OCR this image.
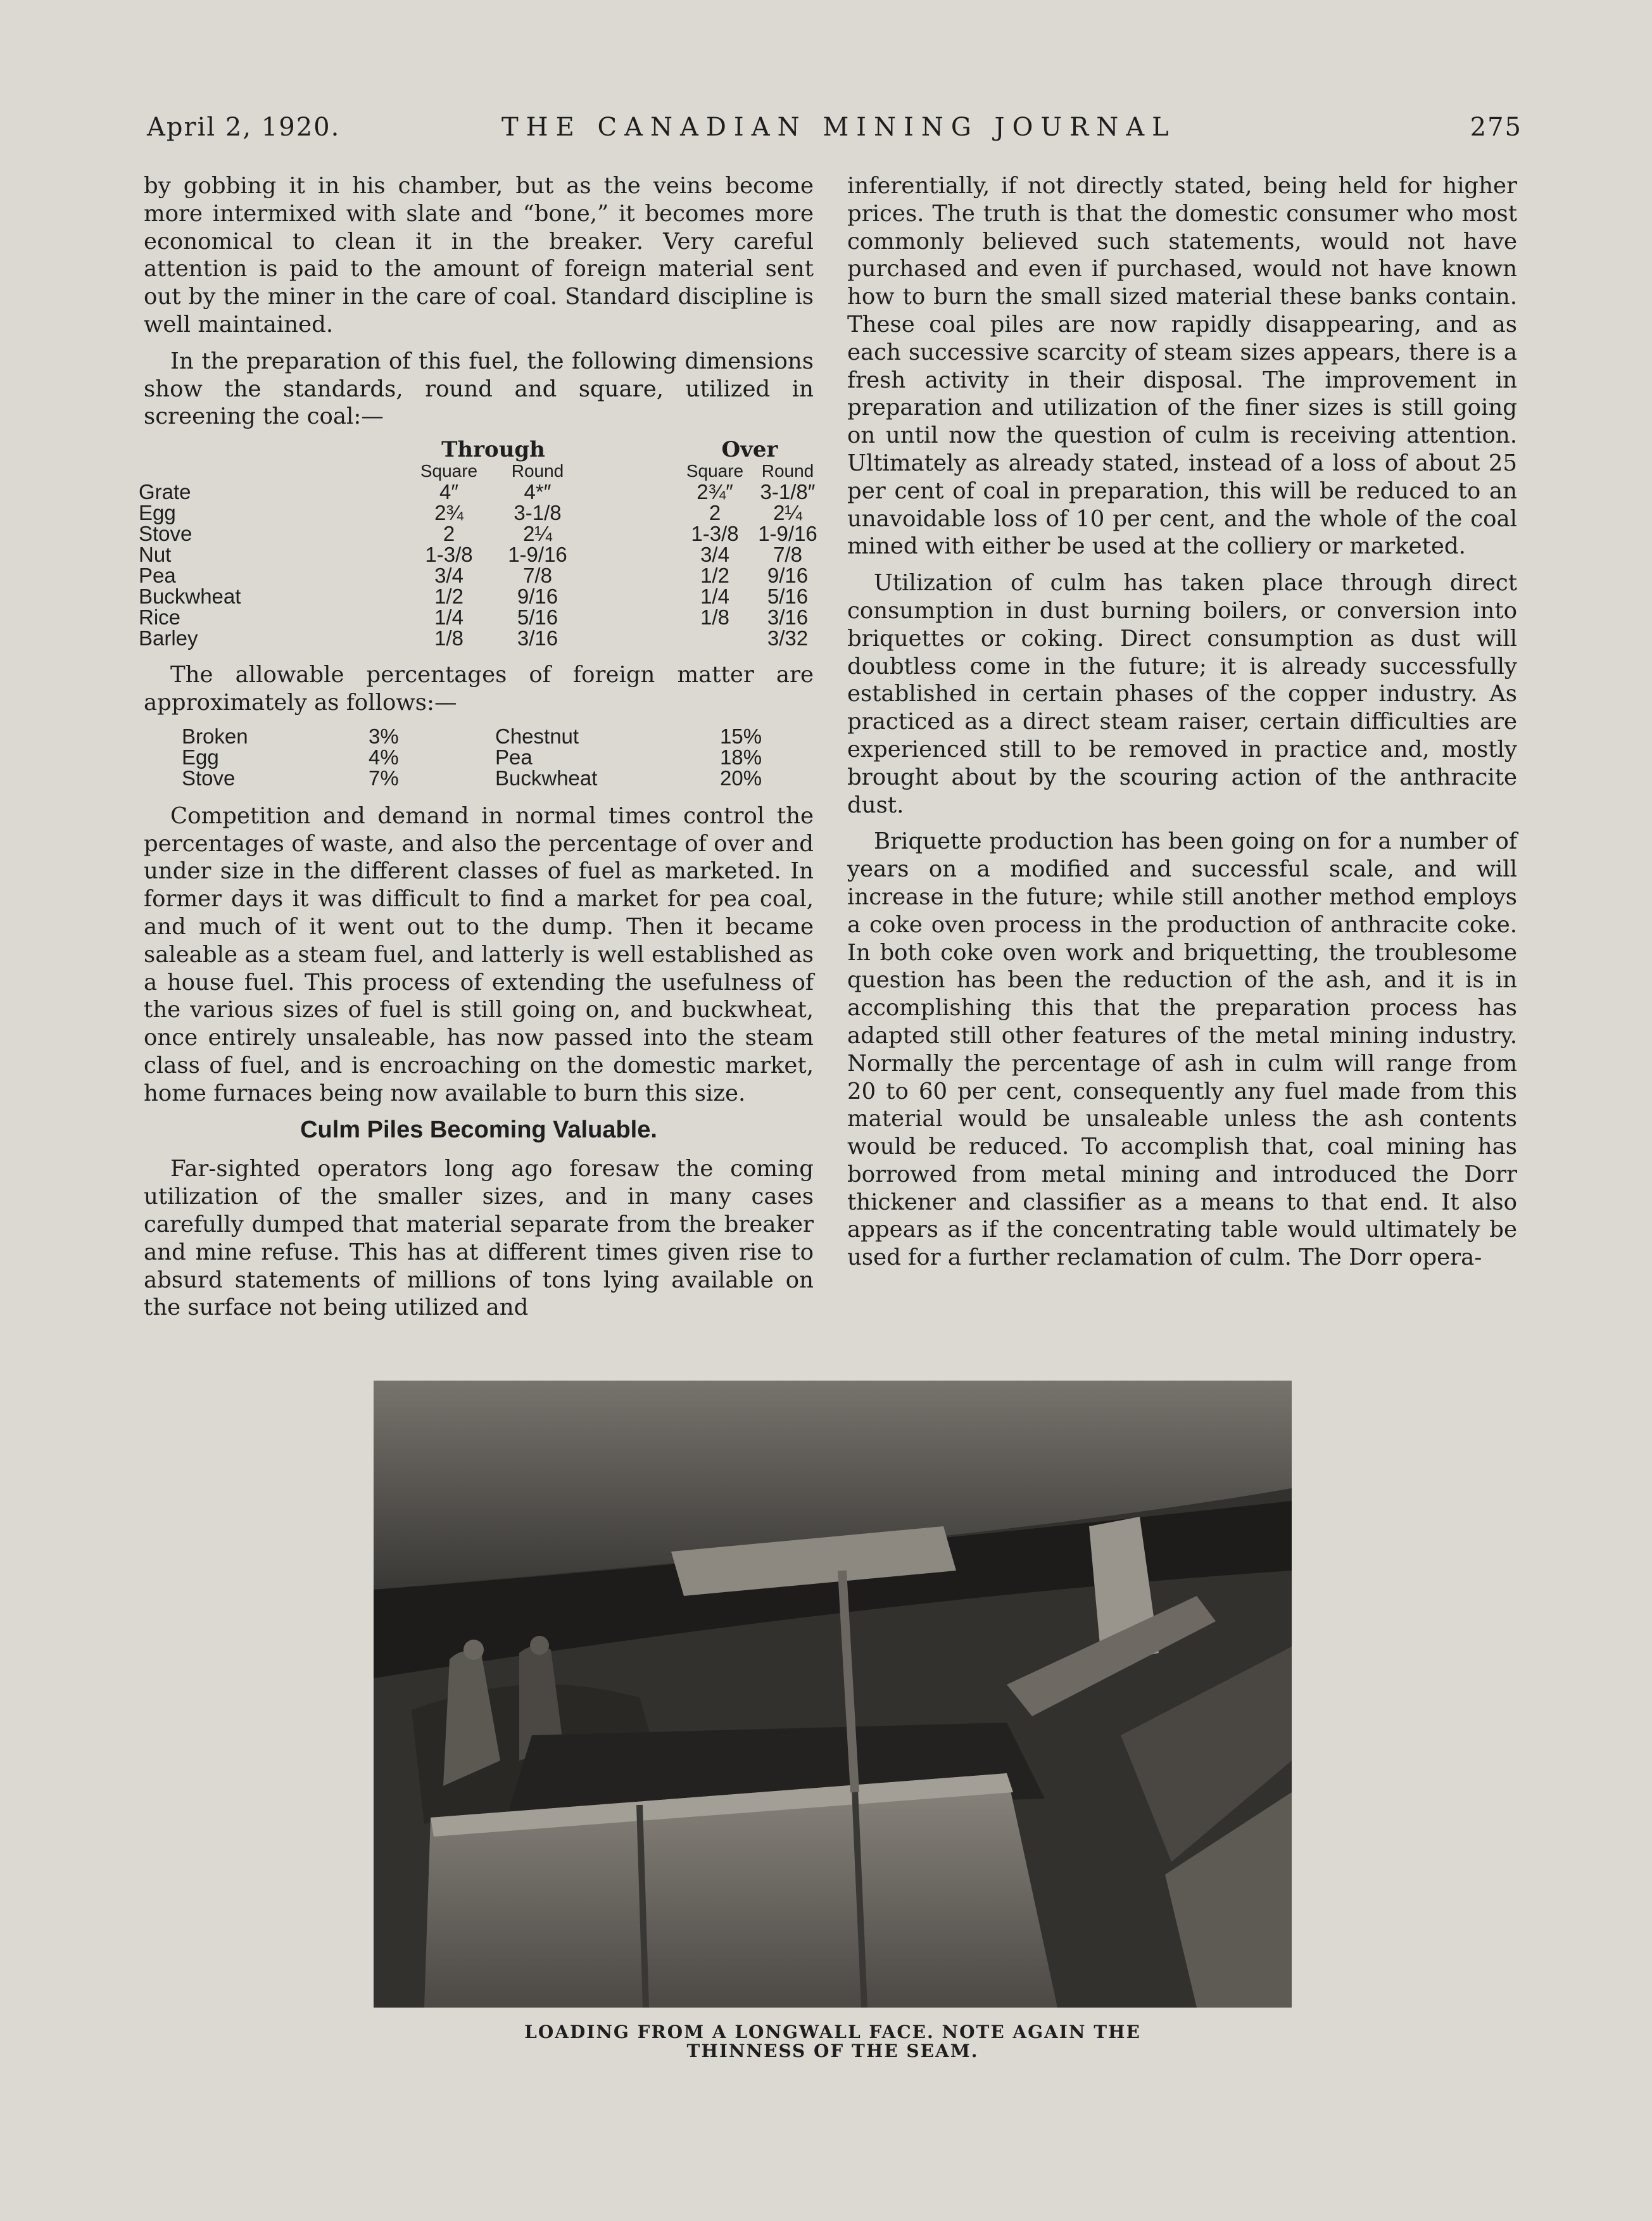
April 2, 1920.	THE CANADIAN MINING JOURNAL	275

by gobbing it in his chamber, but as the veins become more intermixed with slate and “bone,” it becomes more economical to clean it in the breaker. Very careful attention is paid to the amount of foreign material sent out by the miner in the care of coal. Standard discipline is well maintained.

In the preparation of this fuel, the following dimensions show the standards, round and square, utilized in screening the coal:—

	Through			Over	
	Square	Round		Square	Round
Grate	4″	4*″		2¾″	3-1/8″
Egg	2¾	3-1/8		2	2¼
Stove	2	2¼		1-3/8	1-9/16
Nut	1-3/8	1-9/16		3/4	7/8
Pea	3/4	7/8		1/2	9/16
Buckwheat	1/2	9/16		1/4	5/16
Rice	1/4	5/16		1/8	3/16
Barley	1/8	3/16			3/32

The allowable percentages of foreign matter are approximately as follows:—

Broken	3%	Chestnut	15%
Egg	4%	Pea	18%
Stove	7%	Buckwheat	20%

Competition and demand in normal times control the percentages of waste, and also the percentage of over and under size in the different classes of fuel as marketed. In former days it was difficult to find a market for pea coal, and much of it went out to the dump. Then it became saleable as a steam fuel, and latterly is well established as a house fuel. This process of extending the usefulness of the various sizes of fuel is still going on, and buckwheat, once entirely unsaleable, has now passed into the steam class of fuel, and is encroaching on the domestic market, home furnaces being now available to burn this size.

Culm Piles Becoming Valuable.

Far-sighted operators long ago foresaw the coming utilization of the smaller sizes, and in many cases carefully dumped that material separate from the breaker and mine refuse. This has at different times given rise to absurd statements of millions of tons lying available on the surface not being utilized and

inferentially, if not directly stated, being held for higher prices. The truth is that the domestic consumer who most commonly believed such statements, would not have purchased and even if purchased, would not have known how to burn the small sized material these banks contain. These coal piles are now rapidly disappearing, and as each successive scarcity of steam sizes appears, there is a fresh activity in their disposal. The improvement in preparation and utilization of the finer sizes is still going on until now the question of culm is receiving attention. Ultimately as already stated, instead of a loss of about 25 per cent of coal in preparation, this will be reduced to an unavoidable loss of 10 per cent, and the whole of the coal mined with either be used at the colliery or marketed.

Utilization of culm has taken place through direct consumption in dust burning boilers, or conversion into briquettes or coking. Direct consumption as dust will doubtless come in the future; it is already successfully established in certain phases of the copper industry. As practiced as a direct steam raiser, certain difficulties are experienced still to be removed in practice and, mostly brought about by the scouring action of the anthracite dust.

Briquette production has been going on for a number of years on a modified and successful scale, and will increase in the future; while still another method employs a coke oven process in the production of anthracite coke. In both coke oven work and briquetting, the troublesome question has been the reduction of the ash, and it is in accomplishing this that the preparation process has adapted still other features of the metal mining industry. Normally the percentage of ash in culm will range from 20 to 60 per cent, consequently any fuel made from this material would be unsaleable unless the ash contents would be reduced. To accomplish that, coal mining has borrowed from metal mining and introduced the Dorr thickener and classifier as a means to that end. It also appears as if the concentrating table would ultimately be used for a further reclamation of culm. The Dorr opera-

LOADING FROM A LONGWALL FACE. NOTE AGAIN THE
THINNESS OF THE SEAM.
